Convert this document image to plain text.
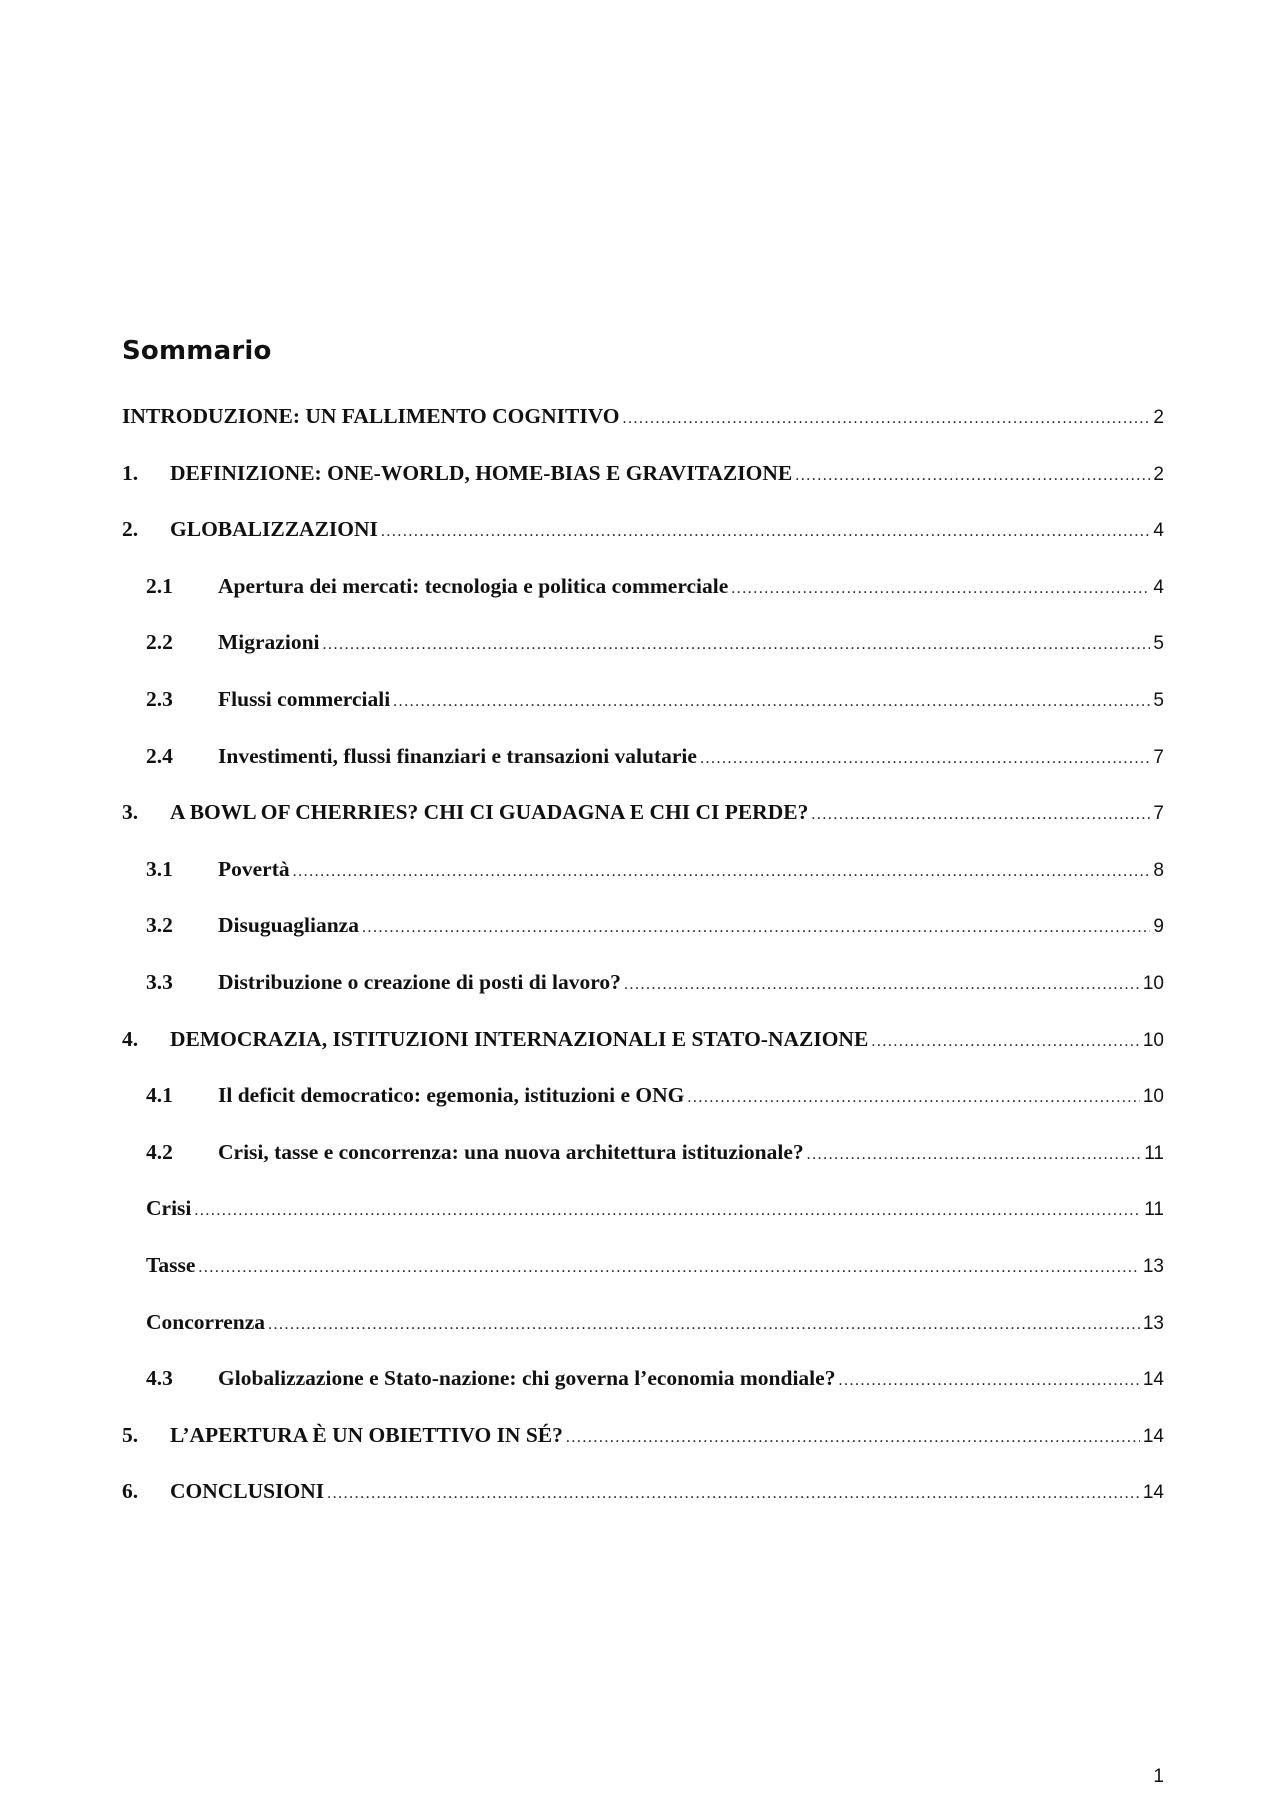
Sommario
INTRODUZIONE: UN FALLIMENTO COGNITIVO .....	2
1.	DEFINIZIONE: ONE-WORLD, HOME-BIAS E GRAVITAZIONE .....	2
2.	GLOBALIZZAZIONI .....	4
2.1	Apertura dei mercati: tecnologia e politica commerciale .....	4
2.2	Migrazioni .....	5
2.3	Flussi commerciali .....	5
2.4	Investimenti, flussi finanziari e transazioni valutarie .....	7
3.	A BOWL OF CHERRIES? CHI CI GUADAGNA E CHI CI PERDE? .....	7
3.1	Povertà .....	8
3.2	Disuguaglianza .....	9
3.3	Distribuzione o creazione di posti di lavoro? .....	10
4.	DEMOCRAZIA, ISTITUZIONI INTERNAZIONALI E STATO-NAZIONE .....	10
4.1	Il deficit democratico: egemonia, istituzioni e ONG .....	10
4.2	Crisi, tasse e concorrenza: una nuova architettura istituzionale? .....	11
Crisi .....	11
Tasse .....	13
Concorrenza .....	13
4.3	Globalizzazione e Stato-nazione: chi governa l’economia mondiale? .....	14
5.	L’APERTURA È UN OBIETTIVO IN SÉ? .....	14
6.	CONCLUSIONI .....	14
1
